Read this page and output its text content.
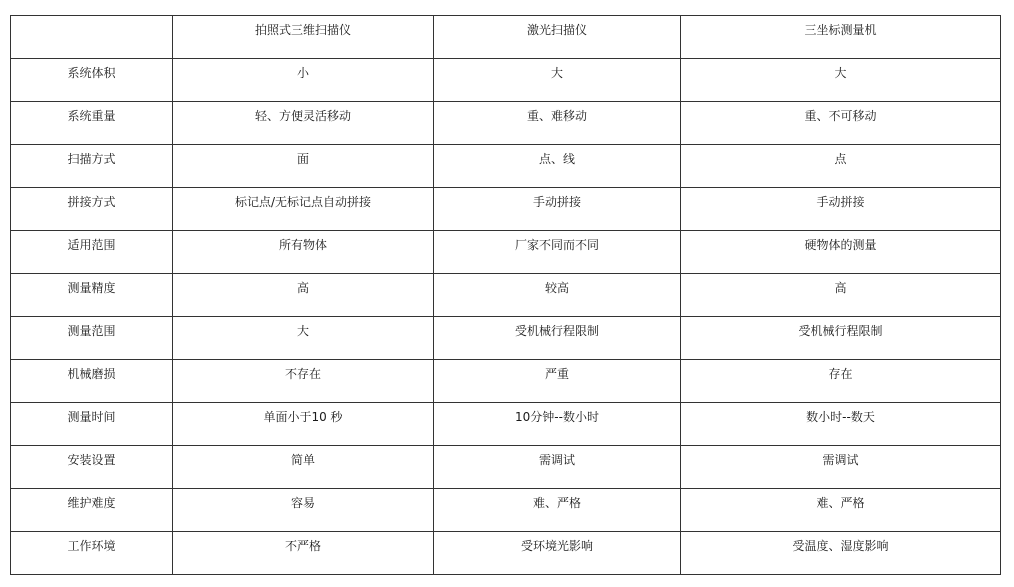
	拍照式三维扫描仪	激光扫描仪	三坐标测量机

系统体积	小	大	大

系统重量	轻、方便灵活移动	重、难移动	重、不可移动

扫描方式	面	点、线	点

拼接方式	标记点/无标记点自动拼接	手动拼接	手动拼接

适用范围	所有物体	厂家不同而不同	硬物体的测量

测量精度	高	较高	高

测量范围	大	受机械行程限制	受机械行程限制

机械磨损	不存在	严重	存在

测量时间	单面小于10 秒	10分钟--数小时	数小时--数天

安装设置	简单	需调试	需调试

维护难度	容易	难、严格	难、严格

工作环境	不严格	受环境光影响	受温度、湿度影响
